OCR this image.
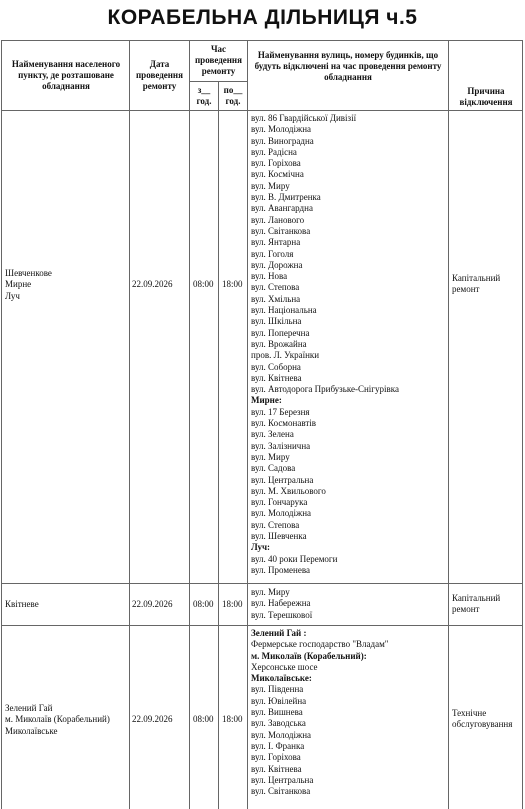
КОРАБЕЛЬНА ДІЛЬНИЦЯ ч.5
Найменування населеного пункту, де розташоване обладнання
Дата проведення ремонту
Час проведення ремонту
з__ год.
по__ год.
Найменування вулиць, номеру будинків, що будуть відключені на час проведення ремонту обладнання
Причина відключення
Шевченкове
Мирне
Луч
22.09.2026 08:00 18:00
Капітальний
ремонт
вул. 86 Гвардійської Дивізії
вул. Молодіжна
вул. Виноградна
вул. Радісна
вул. Горіхова
вул. Космічна
вул. Миру
вул. В. Дмитренка
вул. Авангардна
вул. Ланового
вул. Світанкова
вул. Янтарна
вул. Гоголя
вул. Дорожна
вул. Нова
вул. Степова
вул. Хмільна
вул. Національна
вул. Шкільна
вул. Поперечна
вул. Врожайна
пров. Л. Українки
вул. Соборна
вул. Квітнева
вул. Автодорога Прибузьке-Снігурівка
Мирне:
вул. 17 Березня
вул. Космонавтів
вул. Зелена
вул. Залізнична
вул. Миру
вул. Садова
вул. Центральна
вул. М. Хвильового
вул. Гончарука
вул. Молодіжна
вул. Степова
вул. Шевченка
Луч:
вул. 40 роки Перемоги
вул. Променева
Квітневе	22.09.2026 08:00 18:00
Капітальний
ремонт
вул. Миру
вул. Набережна
вул. Терешкової
Зелений Гай
м. Миколаїв (Корабельний)
Миколаївське
22.09.2026 08:00 18:00
Технічне
обслуговування
Зелений Гай :
Фермерське господарство "Владам"
м. Миколаїв (Корабельний):
Херсонське шосе
Миколаївське:
вул. Південна
вул. Ювілейна
вул. Вишнева
вул. Заводська
вул. Молодіжна
вул. І. Франка
вул. Горіхова
вул. Квітнева
вул. Центральна
вул. Світанкова
